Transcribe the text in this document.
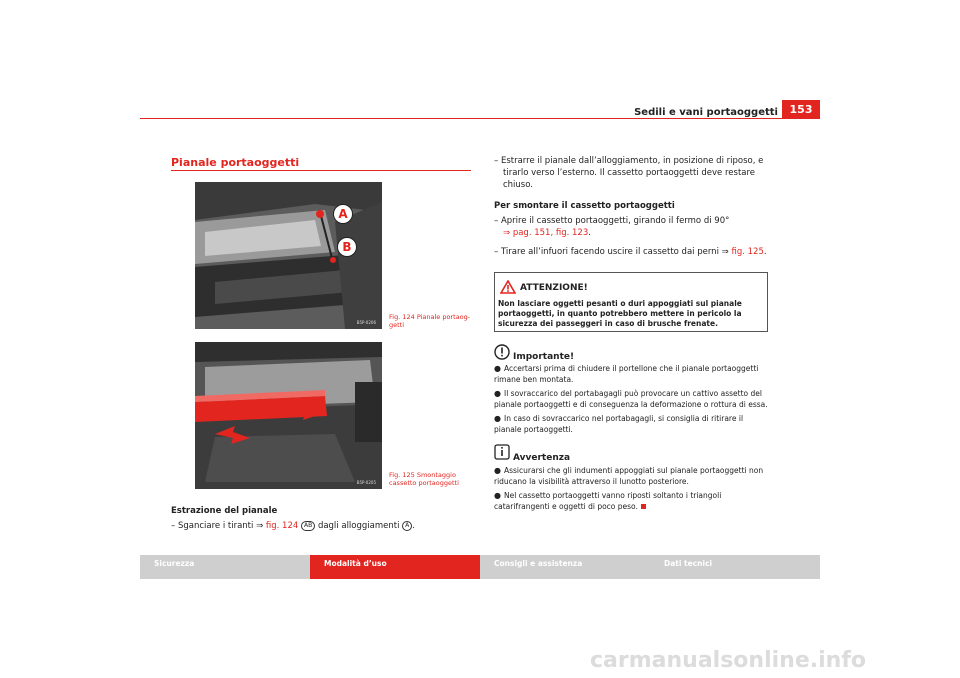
Sedili e vani portaoggetti	153
Pianale portaoggetti
A
B
B5P-0206
Fig. 124 Pianale portaog-
getti
B5P-0205
Fig. 125 Smontaggio
cassetto portaoggetti
Estrazione del pianale
– Sganciare i tiranti ⇒ fig. 124 AB dagli alloggiamenti A .
– Estrarre il pianale dall’alloggiamento, in posizione di riposo, e
tirarlo verso l’esterno. Il cassetto portaoggetti deve restare
chiuso.
Per smontare il cassetto portaoggetti
– Aprire il cassetto portaoggetti, girando il fermo di 90°
⇒ pag. 151, fig. 123.
– Tirare all’infuori facendo uscire il cassetto dai perni ⇒ fig. 125.
ATTENZIONE!
Non lasciare oggetti pesanti o duri appoggiati sul pianale portaoggetti, in quanto potrebbero mettere in pericolo la sicurezza dei passeggeri in caso di brusche frenate.
Importante!
● Accertarsi prima di chiudere il portellone che il pianale portaoggetti rimane ben montata.
● Il sovraccarico del portabagagli può provocare un cattivo assetto del pianale portaoggetti e di conseguenza la deformazione o rottura di essa.
● In caso di sovraccarico nel portabagagli, si consiglia di ritirare il pianale portaoggetti.
Avvertenza
● Assicurarsi che gli indumenti appoggiati sul pianale portaoggetti non riducano la visibilità attraverso il lunotto posteriore.
● Nel cassetto portaoggetti vanno riposti soltanto i triangoli catarifrangenti e oggetti di poco peso.
Sicurezza	Modalità d’uso	Consigli e assistenza	Dati tecnici
carmanualsonline.info
